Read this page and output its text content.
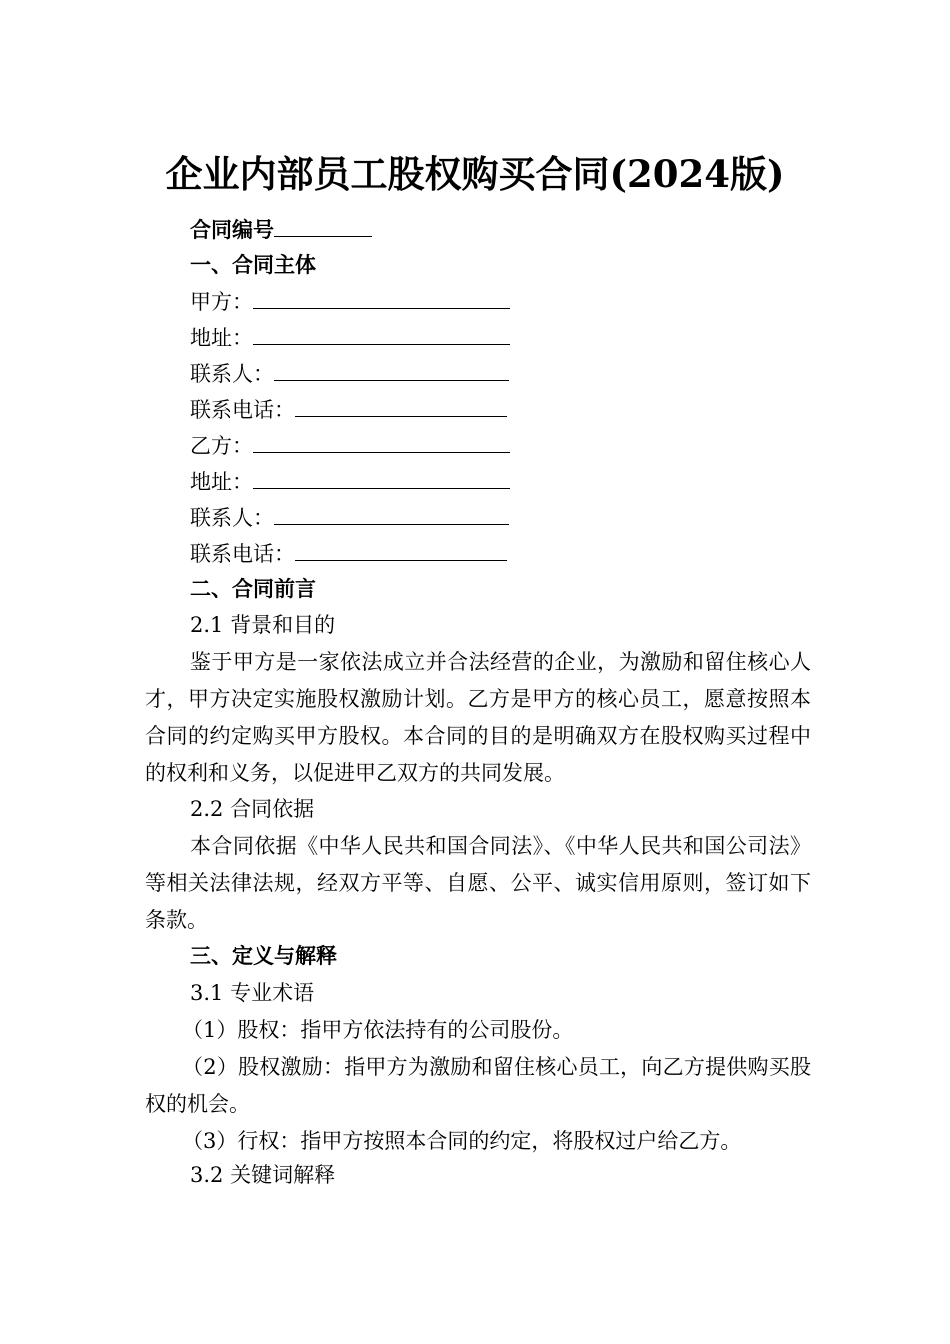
企业内部员工股权购买合同(2024版)
合同编号
一、合同主体
甲方：
地址：
联系人：
联系电话：
乙方：
地址：
联系人：
联系电话：
二、合同前言
2.1 背景和目的
鉴于甲方是一家依法成立并合法经营的企业，为激励和留住核心人才，甲方决定实施股权激励计划。乙方是甲方的核心员工，愿意按照本合同的约定购买甲方股权。本合同的目的是明确双方在股权购买过程中的权利和义务，以促进甲乙双方的共同发展。
2.2 合同依据
本合同依据《中华人民共和国合同法》、《中华人民共和国公司法》等相关法律法规，经双方平等、自愿、公平、诚实信用原则，签订如下条款。
三、定义与解释
3.1 专业术语
（1）股权：指甲方依法持有的公司股份。
（2）股权激励：指甲方为激励和留住核心员工，向乙方提供购买股权的机会。
（3）行权：指甲方按照本合同的约定，将股权过户给乙方。
3.2 关键词解释
